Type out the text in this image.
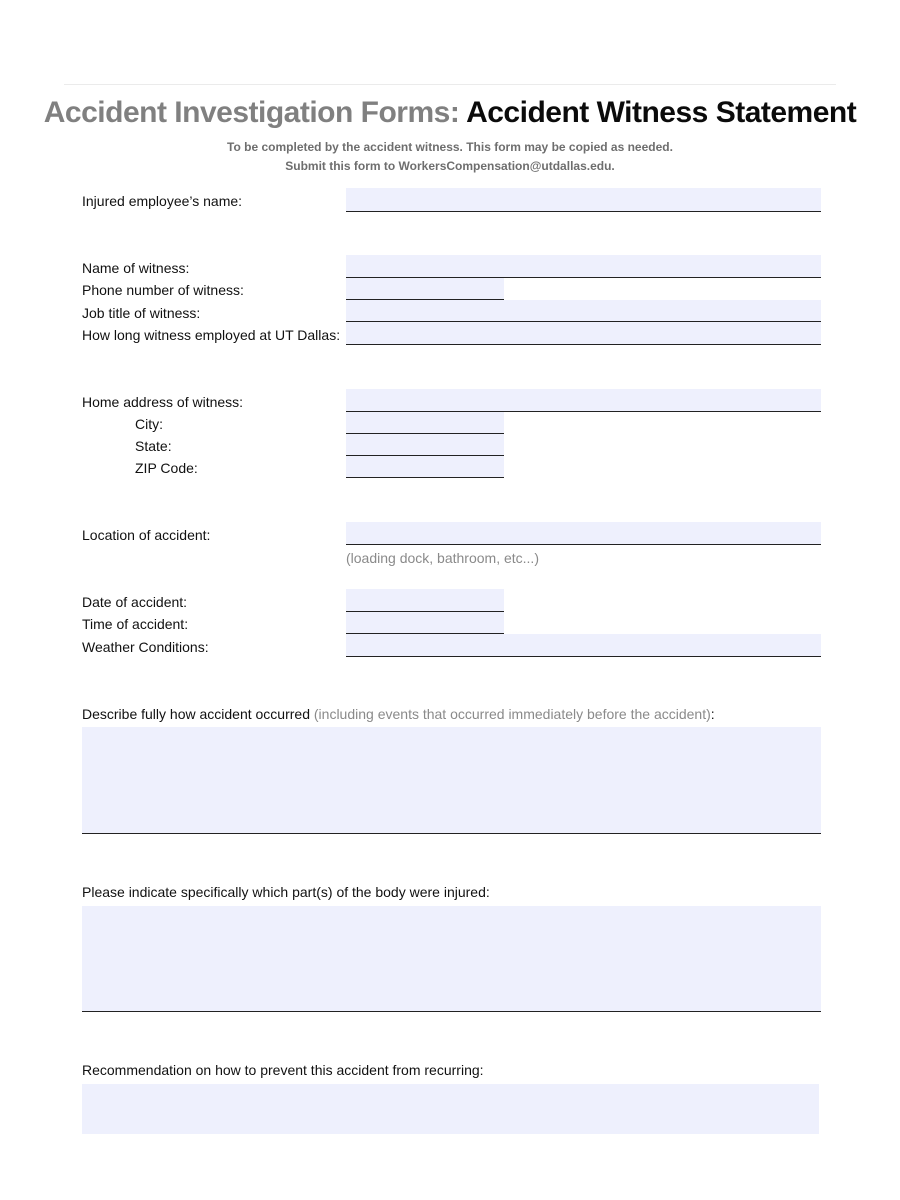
Accident Investigation Forms: Accident Witness Statement
To be completed by the accident witness. This form may be copied as needed.
Submit this form to WorkersCompensation@utdallas.edu.
Injured employee’s name:
Name of witness:
Phone number of witness:
Job title of witness:
How long witness employed at UT Dallas:
Home address of witness:
City:
State:
ZIP Code:
Location of accident:
(loading dock, bathroom, etc...)
Date of accident:
Time of accident:
Weather Conditions:
Describe fully how accident occurred (including events that occurred immediately before the accident):
Please indicate specifically which part(s) of the body were injured:
Recommendation on how to prevent this accident from recurring:
